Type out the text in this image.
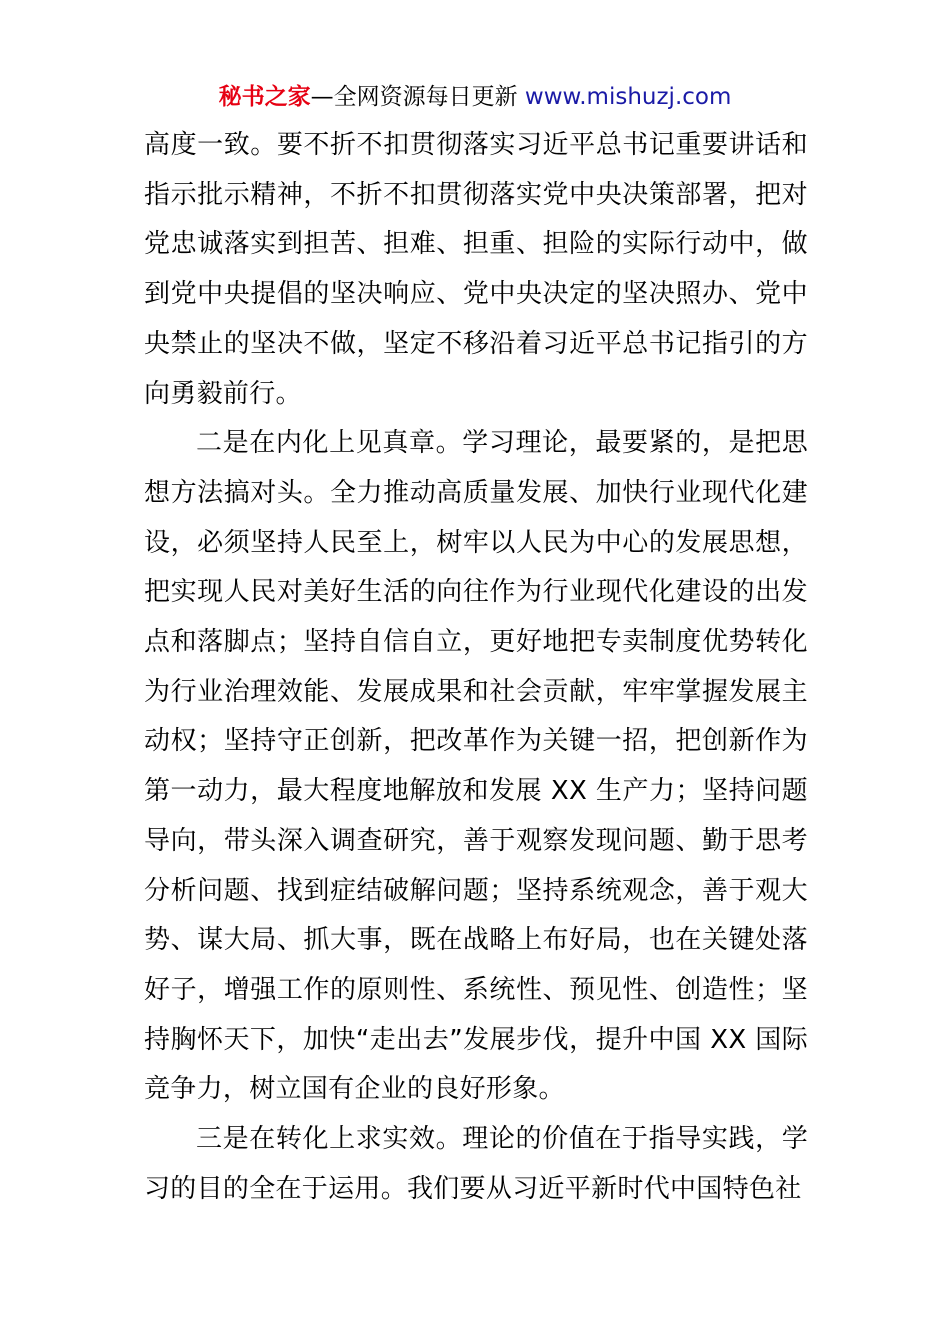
秘书之家—全网资源每日更新 www.mishuzj.com

高度一致。要不折不扣贯彻落实习近平总书记重要讲话和指示批示精神，不折不扣贯彻落实党中央决策部署，把对党忠诚落实到担苦、担难、担重、担险的实际行动中，做到党中央提倡的坚决响应、党中央决定的坚决照办、党中央禁止的坚决不做，坚定不移沿着习近平总书记指引的方向勇毅前行。

二是在内化上见真章。学习理论，最要紧的，是把思想方法搞对头。全力推动高质量发展、加快行业现代化建设，必须坚持人民至上，树牢以人民为中心的发展思想，把实现人民对美好生活的向往作为行业现代化建设的出发点和落脚点；坚持自信自立，更好地把专卖制度优势转化为行业治理效能、发展成果和社会贡献，牢牢掌握发展主动权；坚持守正创新，把改革作为关键一招，把创新作为第一动力，最大程度地解放和发展 XX 生产力；坚持问题导向，带头深入调查研究，善于观察发现问题、勤于思考分析问题、找到症结破解问题；坚持系统观念，善于观大势、谋大局、抓大事，既在战略上布好局，也在关键处落好子，增强工作的原则性、系统性、预见性、创造性；坚持胸怀天下，加快“走出去”发展步伐，提升中国 XX 国际竞争力，树立国有企业的良好形象。

三是在转化上求实效。理论的价值在于指导实践，学习的目的全在于运用。我们要从习近平新时代中国特色社
